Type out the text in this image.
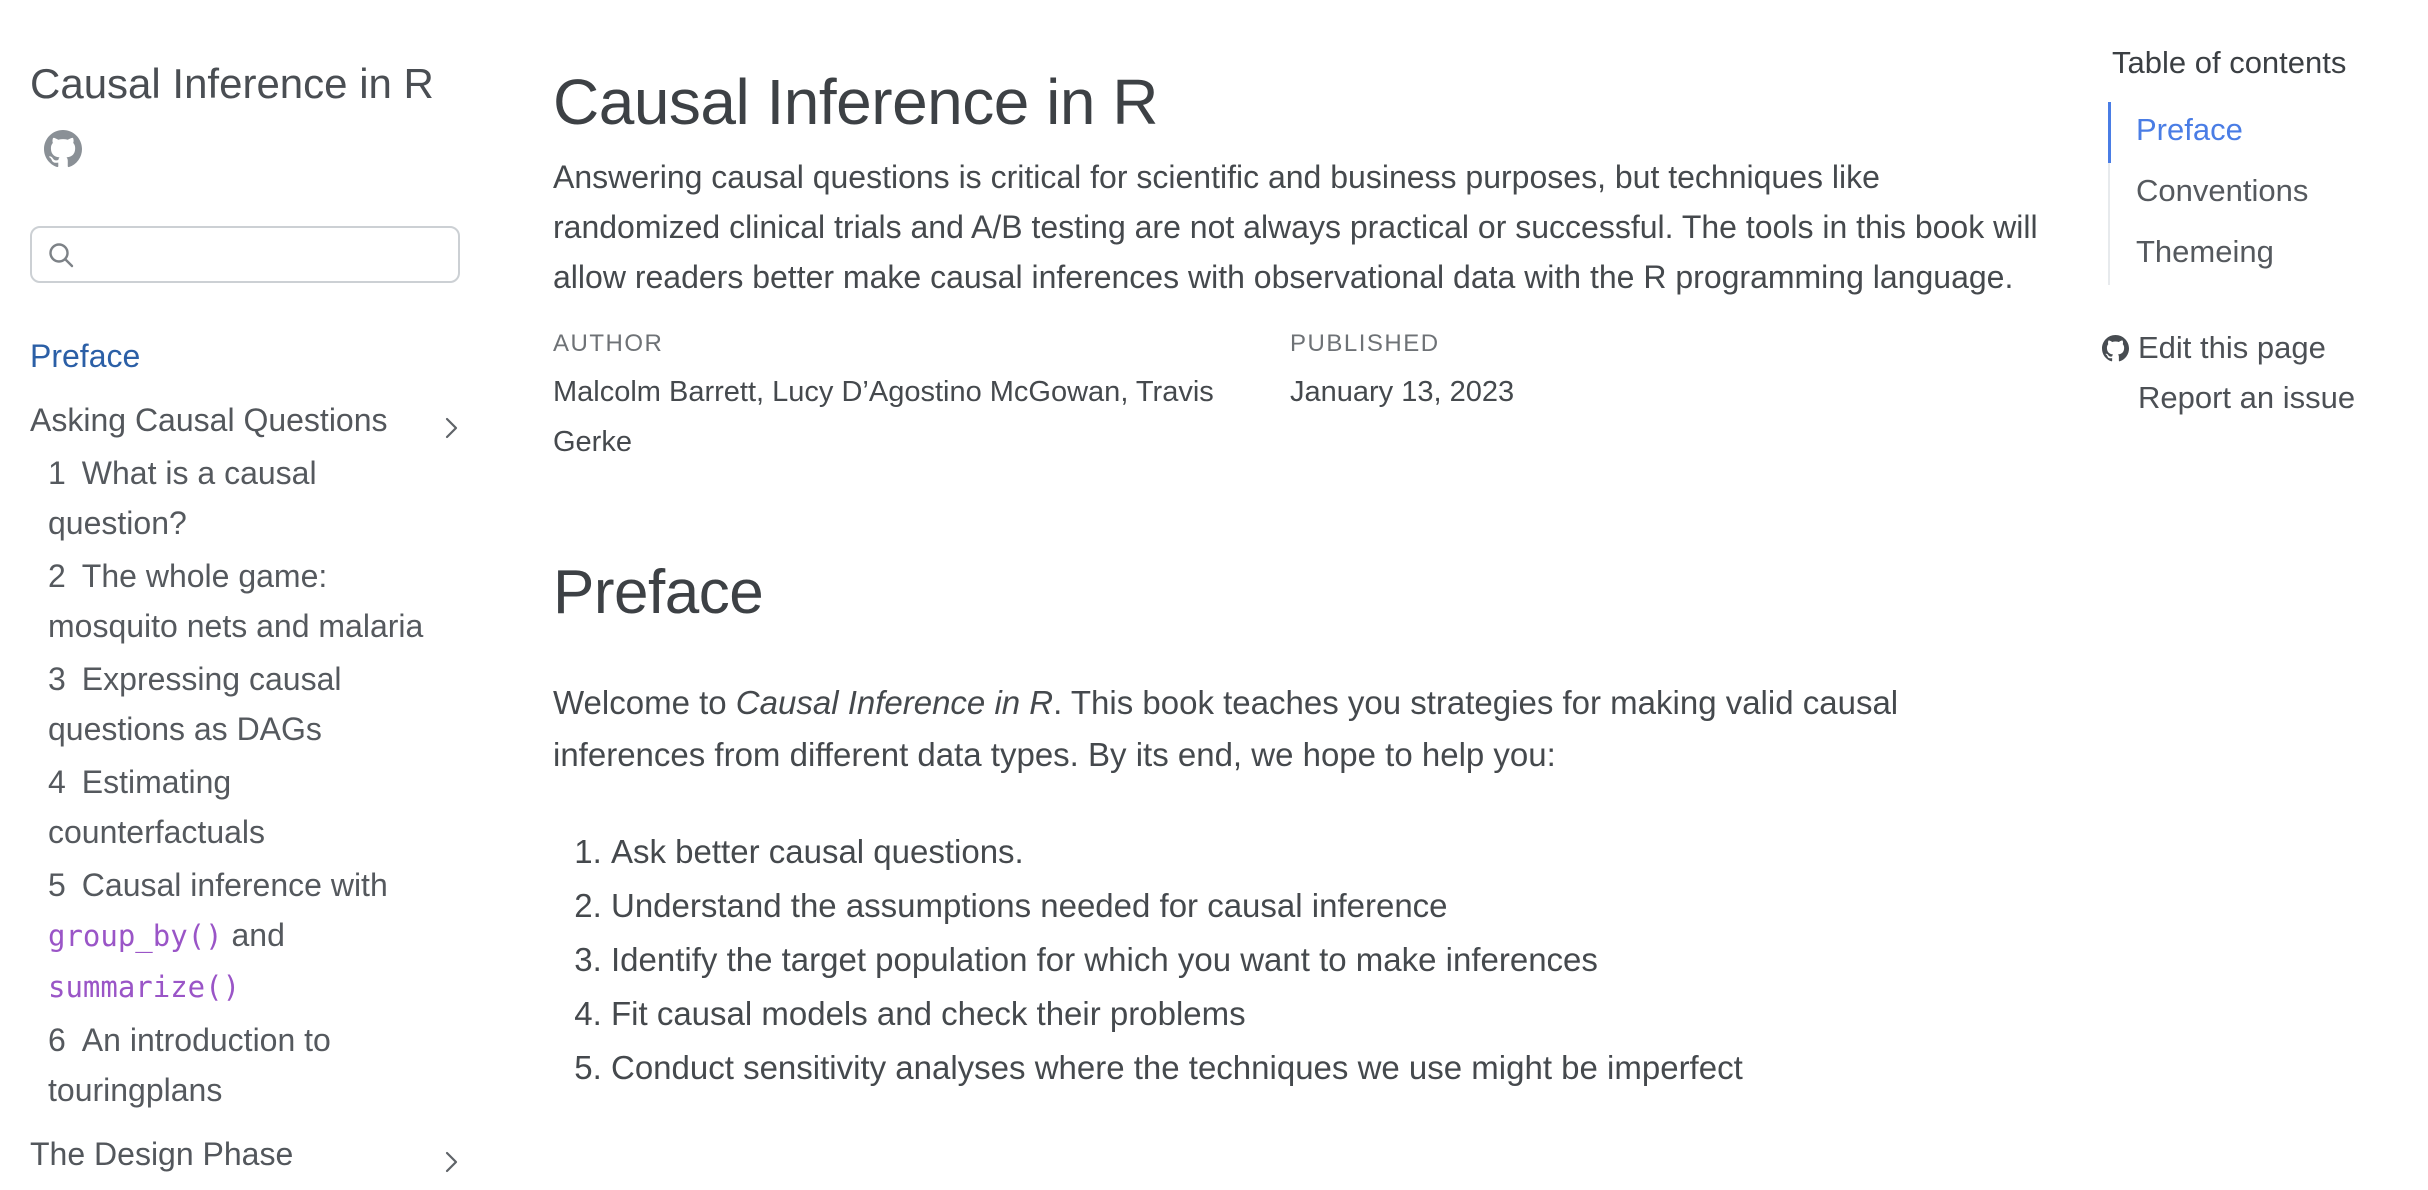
Causal Inference in R
Preface
Asking Causal Questions
1 What is a causal question?
2 The whole game: mosquito nets and malaria
3 Expressing causal questions as DAGs
4 Estimating counterfactuals
5 Causal inference with group_by() and summarize()
6 An introduction to touringplans
The Design Phase
Causal Inference in R

Answering causal questions is critical for scientific and business purposes, but techniques like randomized clinical trials and A/B testing are not always practical or successful. The tools in this book will allow readers better make causal inferences with observational data with the R programming language.

AUTHOR
Malcolm Barrett, Lucy D’Agostino McGowan, Travis Gerke
PUBLISHED
January 13, 2023
Preface

Welcome to Causal Inference in R. This book teaches you strategies for making valid causal inferences from different data types. By its end, we hope to help you:

1. Ask better causal questions.
2. Understand the assumptions needed for causal inference
3. Identify the target population for which you want to make inferences
4. Fit causal models and check their problems
5. Conduct sensitivity analyses where the techniques we use might be imperfect
Table of contents
Preface
Conventions
Themeing
Edit this page
Report an issue
